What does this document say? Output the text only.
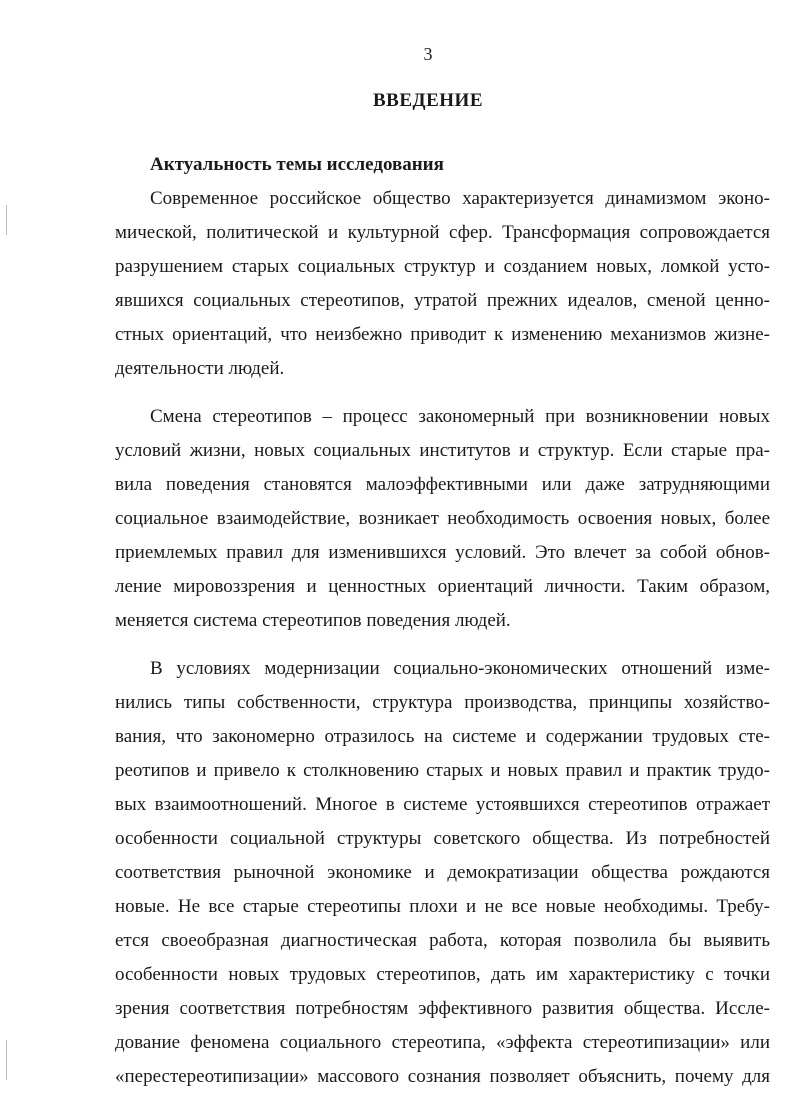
3
ВВЕДЕНИЕ
Актуальность темы исследования
Современное российское общество характеризуется динамизмом эконо-
мической, политической и культурной сфер. Трансформация сопровождается
разрушением старых социальных структур и созданием новых, ломкой усто-
явшихся социальных стереотипов, утратой прежних идеалов, сменой ценно-
стных ориентаций, что неизбежно приводит к изменению механизмов жизне-
деятельности людей.
Смена стереотипов – процесс закономерный при возникновении новых
условий жизни, новых социальных институтов и структур. Если старые пра-
вила поведения становятся малоэффективными или даже затрудняющими
социальное взаимодействие, возникает необходимость освоения новых, более
приемлемых правил для изменившихся условий. Это влечет за собой обнов-
ление мировоззрения и ценностных ориентаций личности. Таким образом,
меняется система стереотипов поведения людей.
В условиях модернизации социально-экономических отношений изме-
нились типы собственности, структура производства, принципы хозяйство-
вания, что закономерно отразилось на системе и содержании трудовых сте-
реотипов и привело к столкновению старых и новых правил и практик трудо-
вых взаимоотношений. Многое в системе устоявшихся стереотипов отражает
особенности социальной структуры советского общества. Из потребностей
соответствия рыночной экономике и демократизации общества рождаются
новые. Не все старые стереотипы плохи и не все новые необходимы. Требу-
ется своеобразная диагностическая работа, которая позволила бы выявить
особенности новых трудовых стереотипов, дать им характеристику с точки
зрения соответствия потребностям эффективного развития общества. Иссле-
дование феномена социального стереотипа, «эффекта стереотипизации» или
«перестереотипизации» массового сознания позволяет объяснить, почему для
